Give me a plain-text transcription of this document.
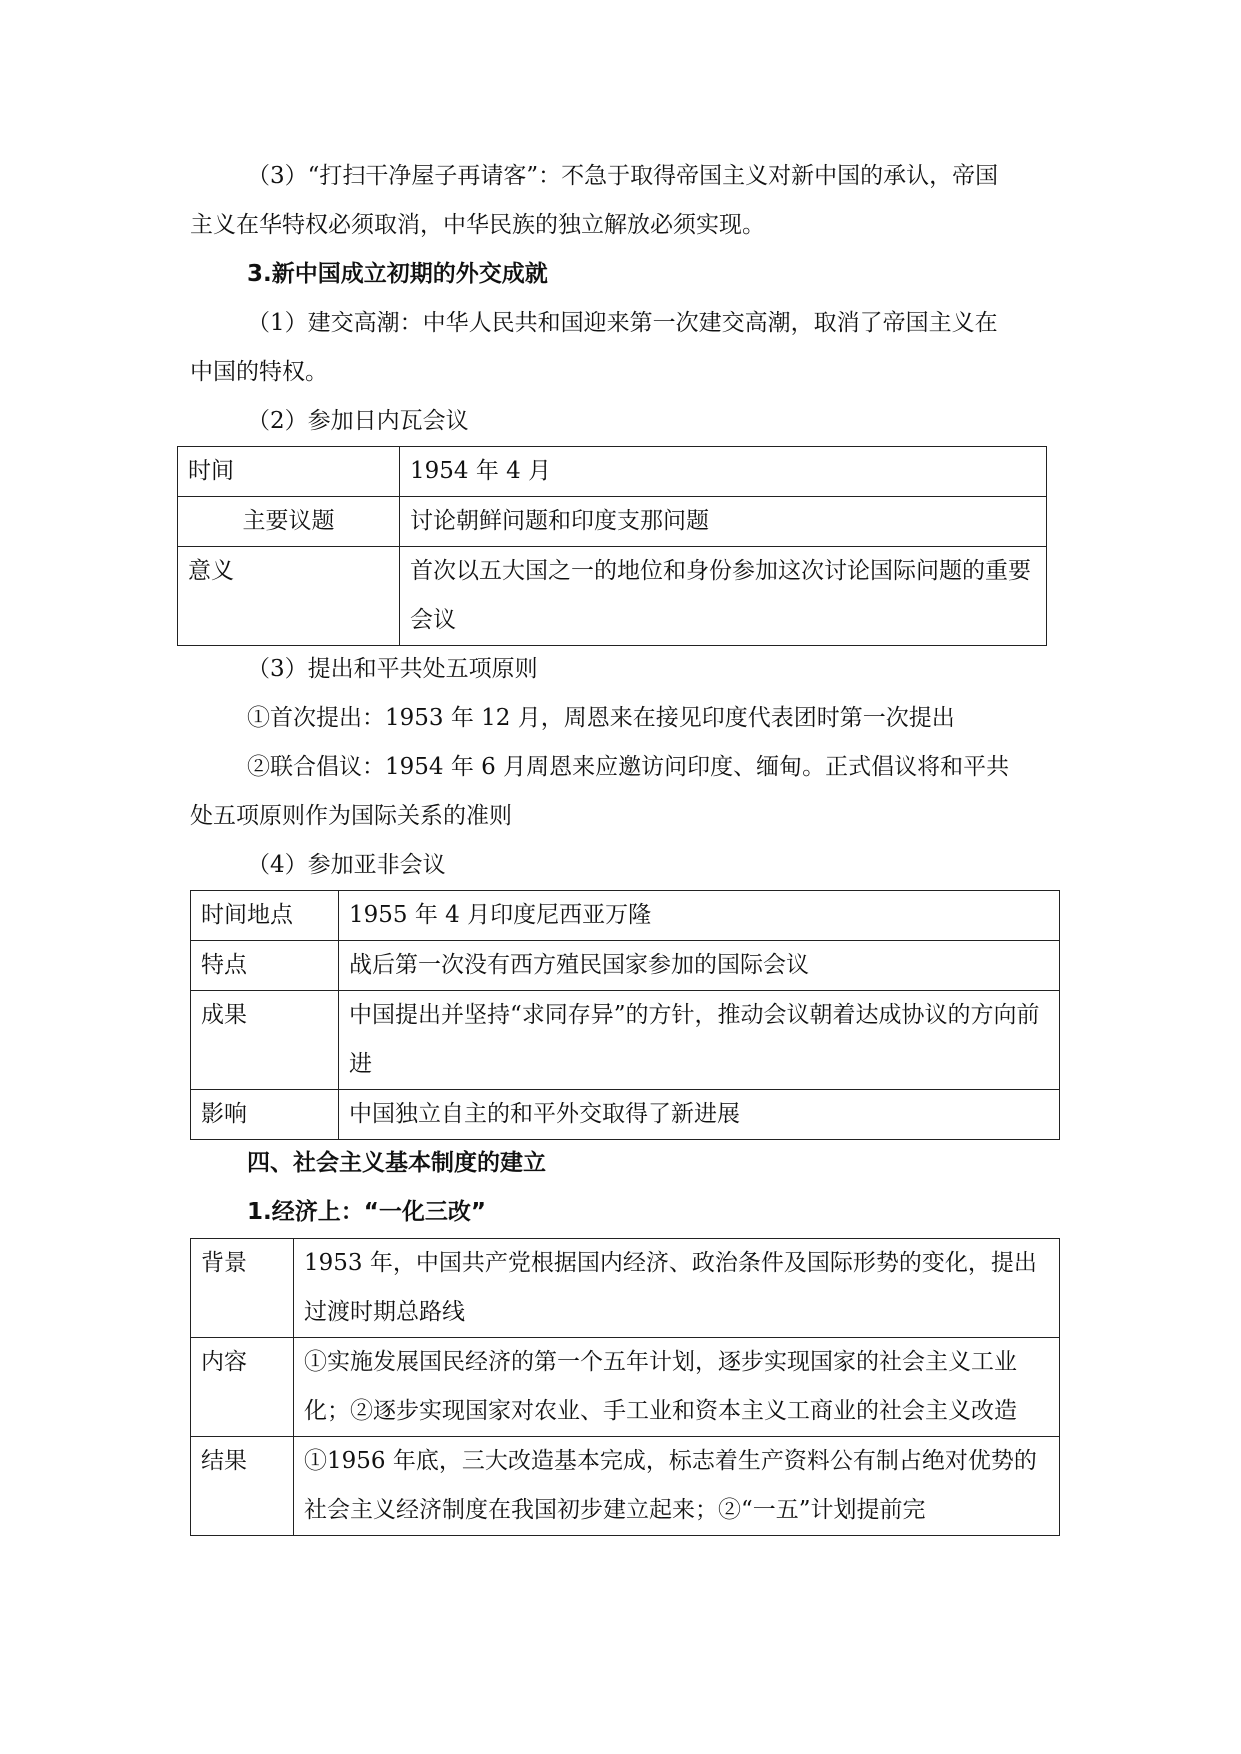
（3）“打扫干净屋子再请客”：不急于取得帝国主义对新中国的承认，帝国
主义在华特权必须取消，中华民族的独立解放必须实现。

3.新中国成立初期的外交成就

（1）建交高潮：中华人民共和国迎来第一次建交高潮，取消了帝国主义在
中国的特权。

（2）参加日内瓦会议

时间	1954 年 4 月
主要议题	讨论朝鲜问题和印度支那问题
意义	首次以五大国之一的地位和身份参加这次讨论国际问题的重要会议

（3）提出和平共处五项原则

①首次提出：1953 年 12 月，周恩来在接见印度代表团时第一次提出

②联合倡议：1954 年 6 月周恩来应邀访问印度、缅甸。正式倡议将和平共
处五项原则作为国际关系的准则

（4）参加亚非会议

时间地点	1955 年 4 月印度尼西亚万隆
特点	战后第一次没有西方殖民国家参加的国际会议
成果	中国提出并坚持“求同存异”的方针，推动会议朝着达成协议的方向前进
影响	中国独立自主的和平外交取得了新进展

四、社会主义基本制度的建立

1.经济上：“一化三改”

背景	1953 年，中国共产党根据国内经济、政治条件及国际形势的变化，提出过渡时期总路线
内容	①实施发展国民经济的第一个五年计划，逐步实现国家的社会主义工业化；②逐步实现国家对农业、手工业和资本主义工商业的社会主义改造
结果	①1956 年底，三大改造基本完成，标志着生产资料公有制占绝对优势的社会主义经济制度在我国初步建立起来；②“一五”计划提前完
